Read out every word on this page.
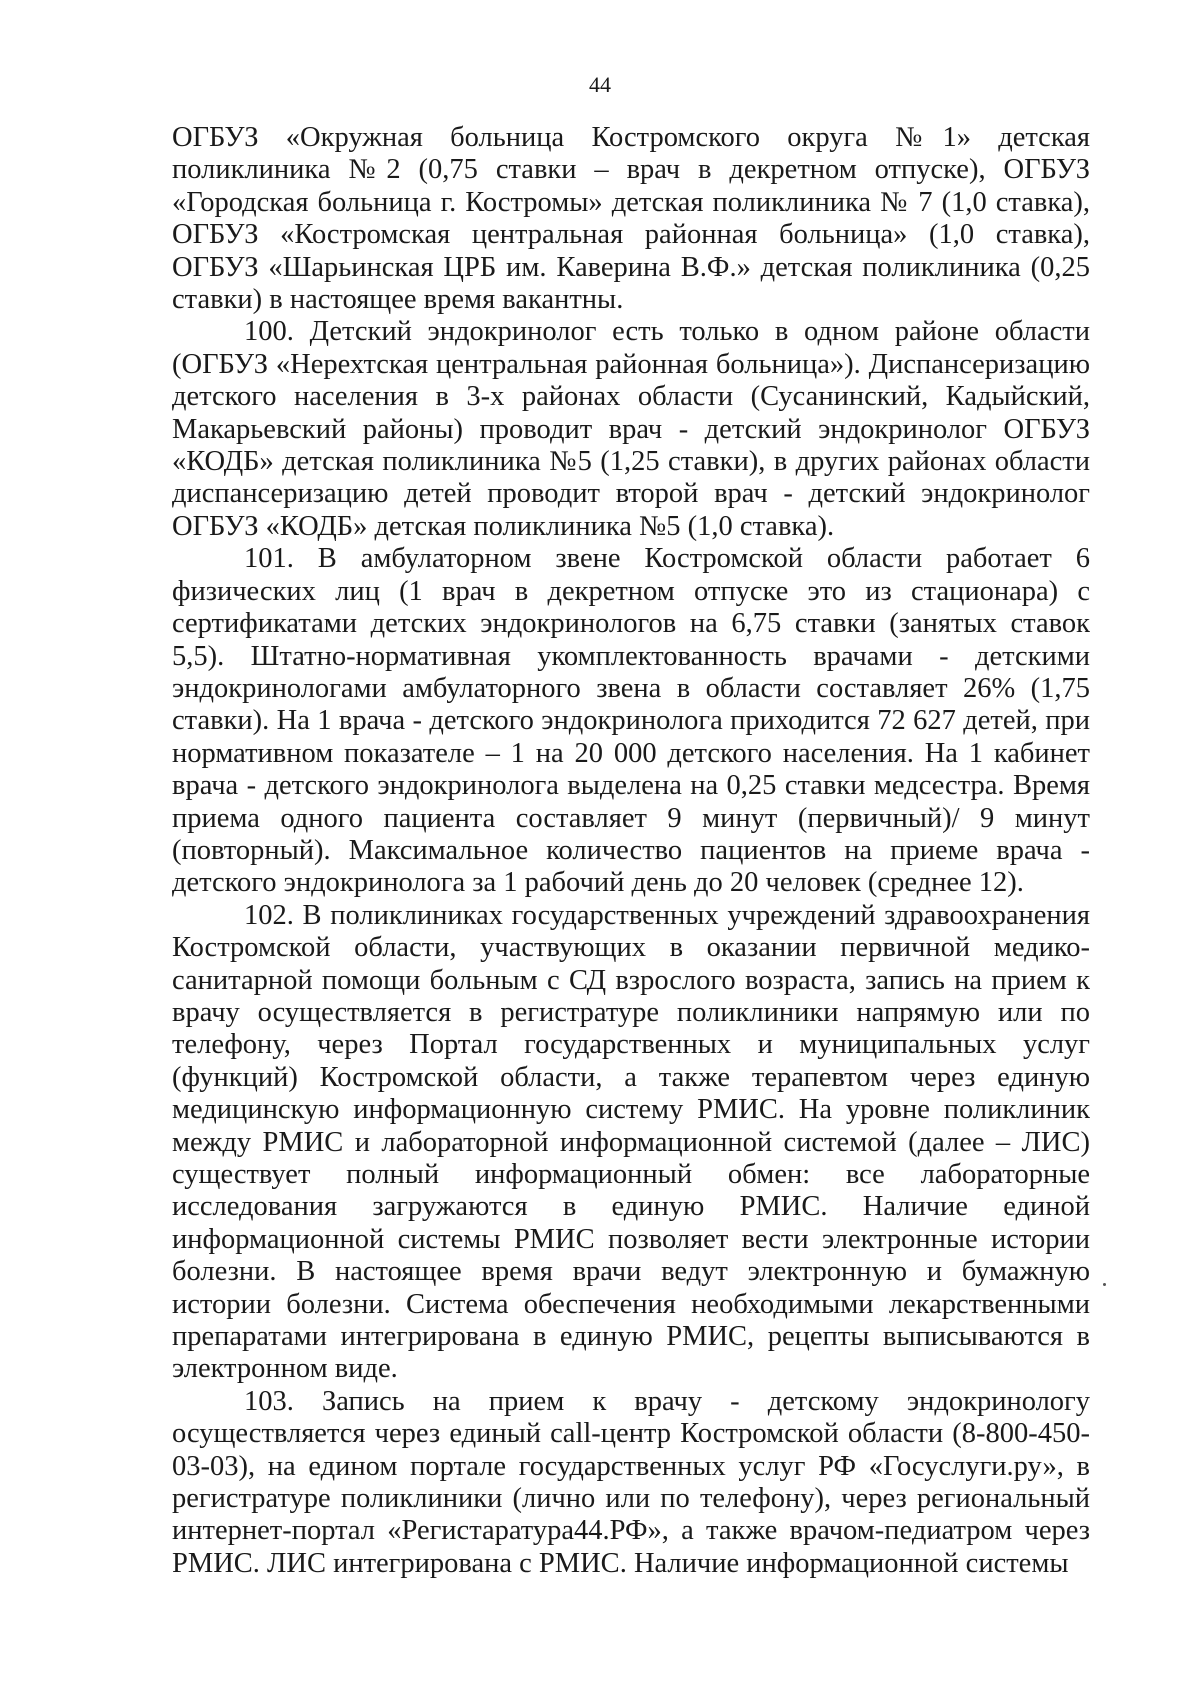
44

ОГБУЗ «Окружная больница Костромского округа №1» детская поликлиника №2 (0,75 ставки – врач в декретном отпуске), ОГБУЗ «Городская больница г. Костромы» детская поликлиника № 7 (1,0 ставка), ОГБУЗ «Костромская центральная районная больница» (1,0 ставка), ОГБУЗ «Шарьинская ЦРБ им. Каверина В.Ф.» детская поликлиника (0,25 ставки) в настоящее время вакантны.

100. Детский эндокринолог есть только в одном районе области (ОГБУЗ «Нерехтская центральная районная больница»). Диспансеризацию детского населения в 3-х районах области (Сусанинский, Кадыйский, Макарьевский районы) проводит врач - детский эндокринолог ОГБУЗ «КОДБ» детская поликлиника №5 (1,25 ставки), в других районах области диспансеризацию детей проводит второй врач - детский эндокринолог ОГБУЗ «КОДБ» детская поликлиника №5 (1,0 ставка).

101. В амбулаторном звене Костромской области работает 6 физических лиц (1 врач в декретном отпуске это из стационара) с сертификатами детских эндокринологов на 6,75 ставки (занятых ставок 5,5). Штатно-нормативная укомплектованность врачами - детскими эндокринологами амбулаторного звена в области составляет 26% (1,75 ставки). На 1 врача - детского эндокринолога приходится 72 627 детей, при нормативном показателе – 1 на 20 000 детского населения. На 1 кабинет врача - детского эндокринолога выделена на 0,25 ставки медсестра. Время приема одного пациента составляет 9 минут (первичный)/ 9 минут (повторный). Максимальное количество пациентов на приеме врача - детского эндокринолога за 1 рабочий день до 20 человек (среднее 12).

102. В поликлиниках государственных учреждений здравоохранения Костромской области, участвующих в оказании первичной медико-санитарной помощи больным с СД взрослого возраста, запись на прием к врачу осуществляется в регистратуре поликлиники напрямую или по телефону, через Портал государственных и муниципальных услуг (функций) Костромской области, а также терапевтом через единую медицинскую информационную систему РМИС. На уровне поликлиник между РМИС и лабораторной информационной системой (далее – ЛИС) существует полный информационный обмен: все лабораторные исследования загружаются в единую РМИС. Наличие единой информационной системы РМИС позволяет вести электронные истории болезни. В настоящее время врачи ведут электронную и бумажную истории болезни. Система обеспечения необходимыми лекарственными препаратами интегрирована в единую РМИС, рецепты выписываются в электронном виде.

103. Запись на прием к врачу - детскому эндокринологу осуществляется через единый call-центр Костромской области (8-800-450-03-03), на едином портале государственных услуг РФ «Госуслуги.ру», в регистратуре поликлиники (лично или по телефону), через региональный интернет-портал «Регистаратура44.РФ», а также врачом-педиатром через РМИС. ЛИС интегрирована с РМИС. Наличие информационной системы
